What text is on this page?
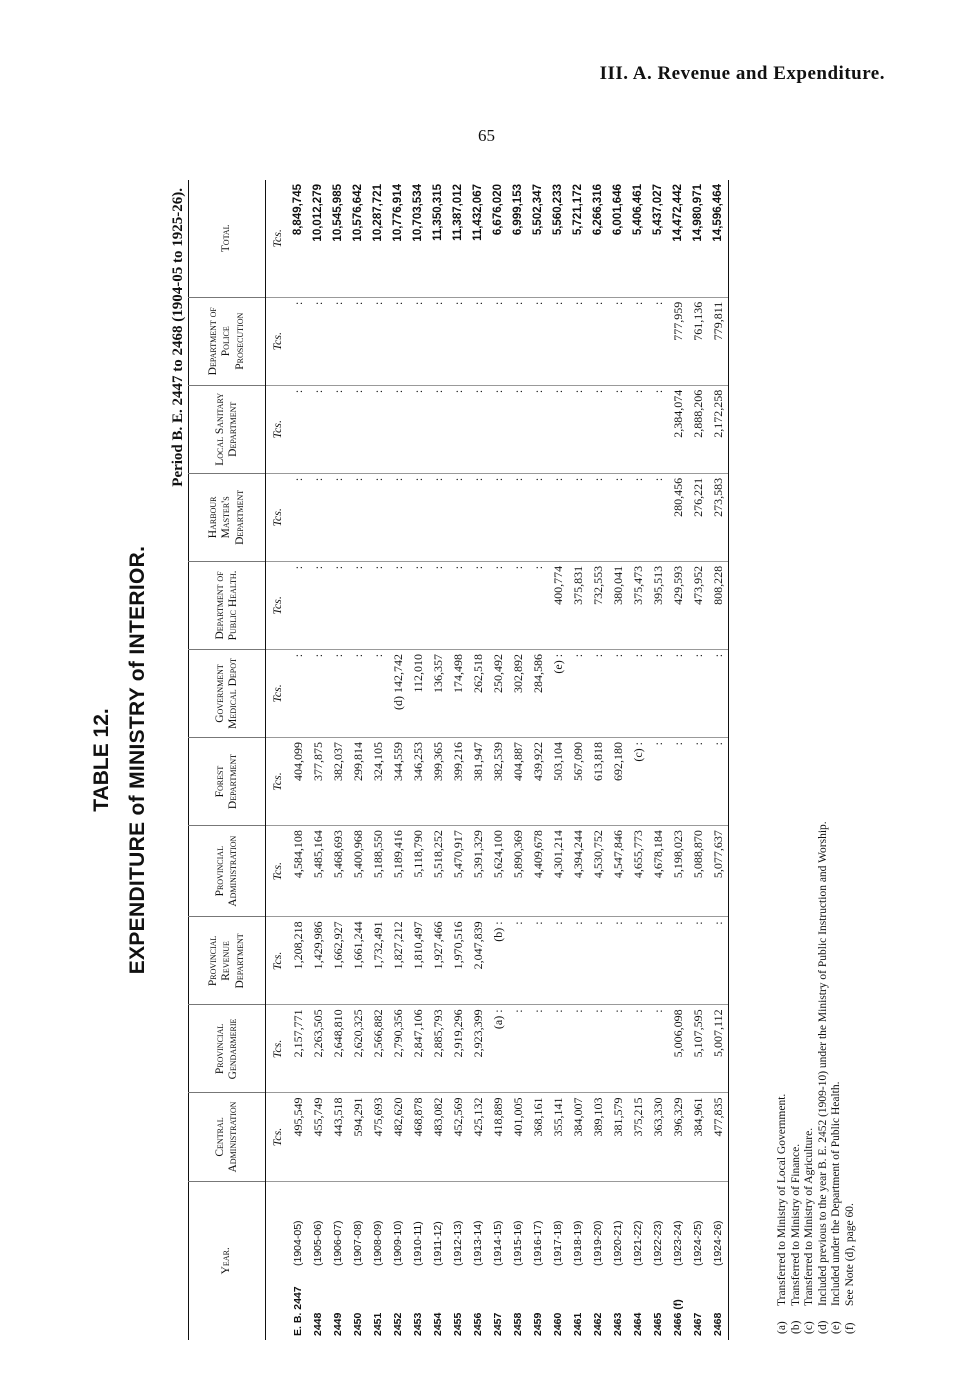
III. A. Revenue and Expenditure.
65
TABLE 12. EXPENDITURE of MINISTRY of INTERIOR.
Period B. E. 2447 to 2468 (1904-05 to 1925-26).
Year.	Central Administration	Provincial Gendarmerie	Provincial Revenue Department	Provincial Administration	Forest Department	Government Medical Depot	Department of Public Health.	Harbour Master's Department	Local Sanitary Department	Department of Police Prosecution	Total
	Tcs.	Tcs.	Tcs.	Tcs.	Tcs.	Tcs.	Tcs.	Tcs.	Tcs.	Tcs.	Tcs.
E. B. 2447(1904-05)	495,549	2,157,771	1,208,218	4,584,108	404,099	:	:	:	:	:	8,849,745
2448(1905-06)	455,749	2,263,505	1,429,986	5,485,164	377,875	:	:	:	:	:	10,012,279
2449(1906-07)	443,518	2,648,810	1,662,927	5,468,693	382,037	:	:	:	:	:	10,545,985
2450(1907-08)	594,291	2,620,325	1,661,244	5,400,968	299,814	:	:	:	:	:	10,576,642
2451(1908-09)	475,693	2,566,882	1,732,491	5,188,550	324,105	:	:	:	:	:	10,287,721
2452(1909-10)	482,620	2,790,356	1,827,212	5,189,416	344,559	(d) 142,742	:	:	:	:	10,776,914
2453(1910-11)	468,878	2,847,106	1,810,497	5,118,790	346,253	112,010	:	:	:	:	10,703,534
2454(1911-12)	483,082	2,885,793	1,927,466	5,518,252	399,365	136,357	:	:	:	:	11,350,315
2455(1912-13)	452,569	2,919,296	1,970,516	5,470,917	399,216	174,498	:	:	:	:	11,387,012
2456(1913-14)	425,132	2,923,399	2,047,839	5,391,329	381,947	262,518	:	:	:	:	11,432,067
2457(1914-15)	418,889	(a) :	(b) :	5,624,100	382,539	250,492	:	:	:	:	6,676,020
2458(1915-16)	401,005	:	:	5,890,369	404,887	302,892	:	:	:	:	6,999,153
2459(1916-17)	368,161	:	:	4,409,678	439,922	284,586	:	:	:	:	5,502,347
2460(1917-18)	355,141	:	:	4,301,214	503,104	(e) :	400,774	:	:	:	5,560,233
2461(1918-19)	384,007	:	:	4,394,244	567,090	:	375,831	:	:	:	5,721,172
2462(1919-20)	389,103	:	:	4,530,752	613,818	:	732,553	:	:	:	6,266,316
2463(1920-21)	381,579	:	:	4,547,846	692,180	:	380,041	:	:	:	6,001,646
2464(1921-22)	375,215	:	:	4,655,773	(c) :	:	375,473	:	:	:	5,406,461
2465(1922-23)	363,330	:	:	4,678,184	:	:	395,513	:	:	:	5,437,027
2466 (f)(1923-24)	396,329	5,006,098	:	5,198,023	:	:	429,593	280,456	2,384,074	777,959	14,472,442
2467(1924-25)	384,961	5,107,595	:	5,088,870	:	:	473,952	276,221	2,888,206	761,136	14,980,971
2468(1924-26)	477,835	5,007,112	:	5,077,637	:	:	808,228	273,583	2,172,258	779,811	14,596,464
(a)Transferred to Ministry of Local Government.
(b)Transferred to Ministry of Finance.
(c)Transferred to Ministry of Agriculture.
(d)Included previous to the year B. E. 2452 (1909-10) under the Ministry of Public Instruction and Worship.
(e)Included under the Department of Public Health.
(f)See Note (d), page 60.
